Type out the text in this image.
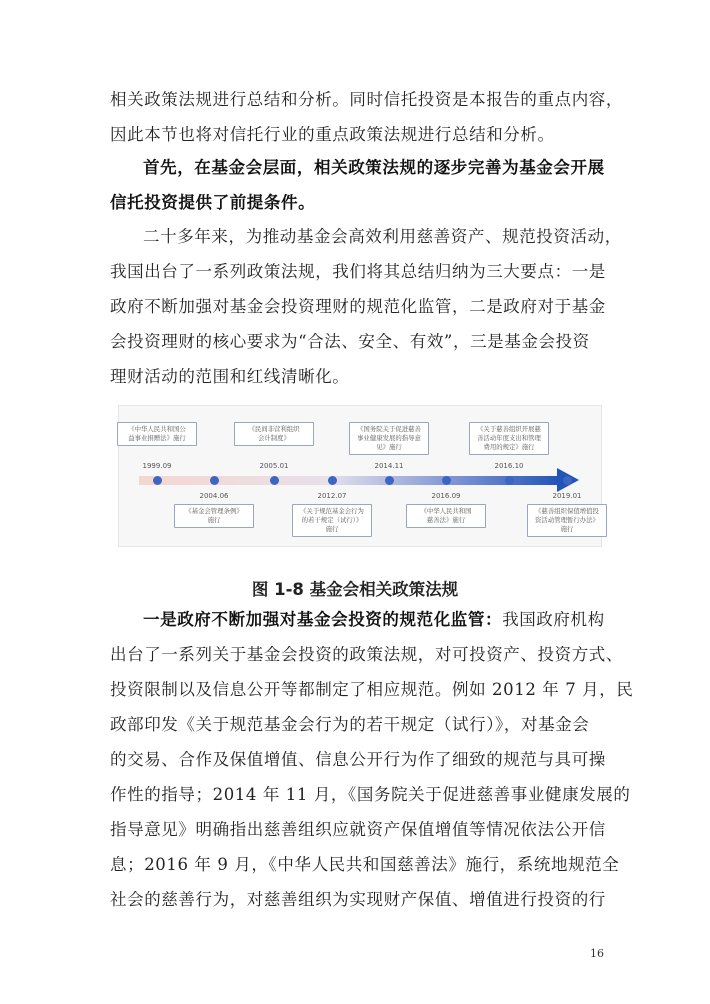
相关政策法规进行总结和分析。同时信托投资是本报告的重点内容，
因此本节也将对信托行业的重点政策法规进行总结和分析。
首先，在基金会层面，相关政策法规的逐步完善为基金会开展
信托投资提供了前提条件。
二十多年来，为推动基金会高效利用慈善资产、规范投资活动，
我国出台了一系列政策法规，我们将其总结归纳为三大要点：一是
政府不断加强对基金会投资理财的规范化监管，二是政府对于基金
会投资理财的核心要求为“合法、安全、有效”，三是基金会投资
理财活动的范围和红线清晰化。
《中华人民共和国公
益事业捐赠法》施行
1999.09
《民间非营利组织
会计制度》
2005.01
《国务院关于促进慈善
事业健康发展的指导意
见》施行
2014.11
《关于慈善组织开展慈
善活动年度支出和管理
费用的规定》施行
2016.10
2004.06
《基金会管理条例》
施行
2012.07
《关于规范基金会行为
的若干规定（试行）》
施行
2016.09
《中华人民共和国
慈善法》施行
2019.01
《慈善组织保值增值投
资活动管理暂行办法》
施行
图 1-8 基金会相关政策法规
一是政府不断加强对基金会投资的规范化监管：我国政府机构
出台了一系列关于基金会投资的政策法规，对可投资产、投资方式、
投资限制以及信息公开等都制定了相应规范。例如 2012 年 7 月，民
政部印发《关于规范基金会行为的若干规定（试行）》，对基金会
的交易、合作及保值增值、信息公开行为作了细致的规范与具可操
作性的指导；2014 年 11 月，《国务院关于促进慈善事业健康发展的
指导意见》明确指出慈善组织应就资产保值增值等情况依法公开信
息；2016 年 9 月，《中华人民共和国慈善法》施行，系统地规范全
社会的慈善行为，对慈善组织为实现财产保值、增值进行投资的行
16
